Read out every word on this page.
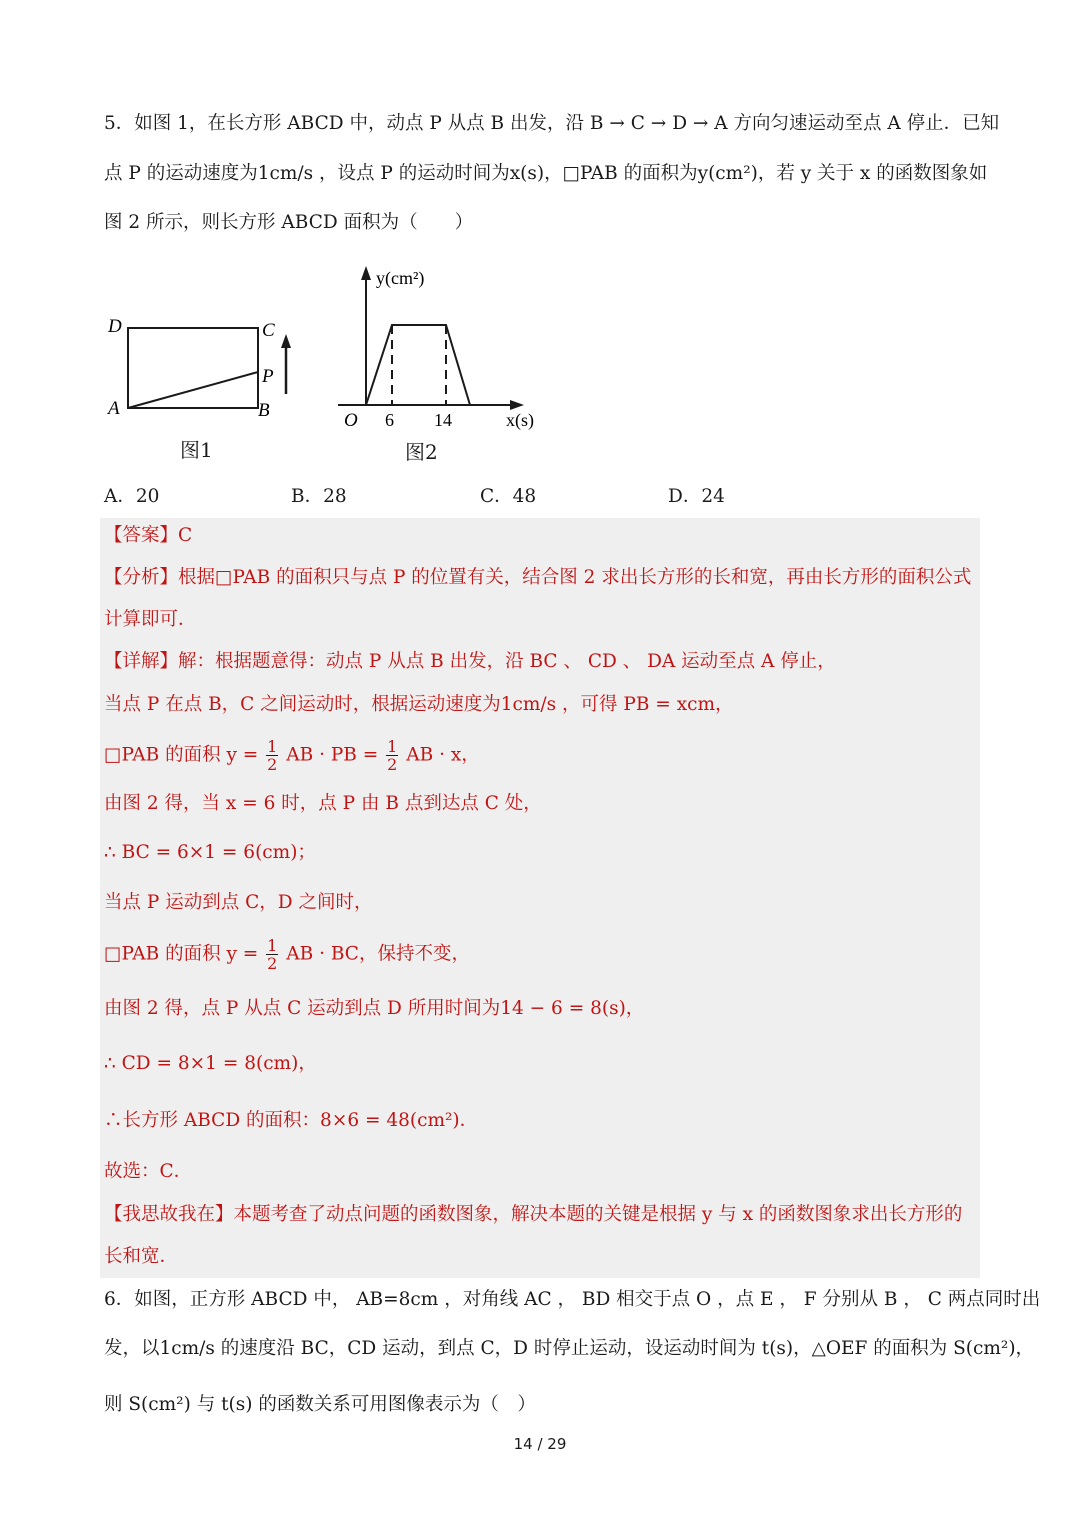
5．如图 1，在长方形 ABCD 中，动点 P 从点 B 出发，沿 B → C → D → A 方向匀速运动至点 A 停止．已知
点 P 的运动速度为1cm/s ，设点 P 的运动时间为x(s)，□PAB 的面积为y(cm²)，若 y 关于 x 的函数图象如
图 2 所示，则长方形 ABCD 面积为（　　）
D	C
A	B
P
图1
y(cm²)
O 6 14	x(s)
图2
A．20	B．28	C．48	D．24
【答案】C
【分析】根据□PAB 的面积只与点 P 的位置有关，结合图 2 求出长方形的长和宽，再由长方形的面积公式
计算即可．
【详解】解：根据题意得：动点 P 从点 B 出发，沿 BC 、 CD 、 DA 运动至点 A 停止，
当点 P 在点 B，C 之间运动时，根据运动速度为1cm/s ，可得 PB = xcm，
□PAB 的面积 $y = \frac{1}{2}$ AB · PB = $\frac{1}{2}$ AB · x，
由图 2 得，当 x = 6 时，点 P 由 B 点到达点 C 处，
∴ BC = 6×1 = 6(cm)；
当点 P 运动到点 C，D 之间时，
□PAB 的面积 $y = \frac{1}{2}$ AB · BC，保持不变，
由图 2 得，点 P 从点 C 运动到点 D 所用时间为14 − 6 = 8(s)，
∴ CD = 8×1 = 8(cm)，
∴长方形 ABCD 的面积：8×6 = 48(cm²)．
故选：C．
【我思故我在】本题考查了动点问题的函数图象，解决本题的关键是根据 y 与 x 的函数图象求出长方形的
长和宽．
6．如图，正方形 ABCD 中， AB=8cm ，对角线 AC ， BD 相交于点 O ，点 E ， F 分别从 B ， C 两点同时出
发，以1cm/s 的速度沿 BC，CD 运动，到点 C，D 时停止运动，设运动时间为 t(s)，△OEF 的面积为 S(cm²)，
则 S(cm²) 与 t(s) 的函数关系可用图像表示为（　）
14 / 29
